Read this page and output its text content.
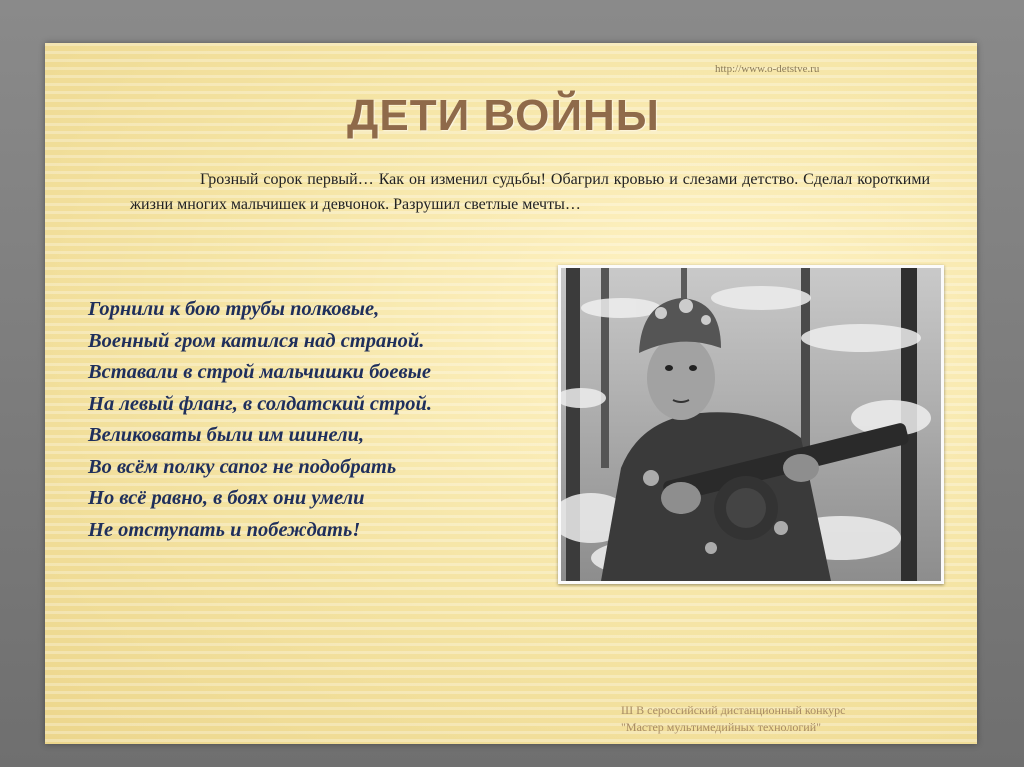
http://www.o-detstve.ru
ДЕТИ ВОЙНЫ
Грозный сорок первый… Как он изменил судьбы! Обагрил кровью и слезами детство. Сделал короткими жизни многих мальчишек и девчонок. Разрушил светлые мечты…
Горнили к бою трубы полковые,
Военный гром катился над страной.
Вставали в строй мальчишки боевые
На левый фланг, в солдатский строй.
Великоваты были им шинели,
Во всём полку сапог не подобрать
Но всё равно, в боях они умели
Не отступать и побеждать!
Ш В сероссийский дистанционный конкурс
"Мастер мультимедийных технологий"
